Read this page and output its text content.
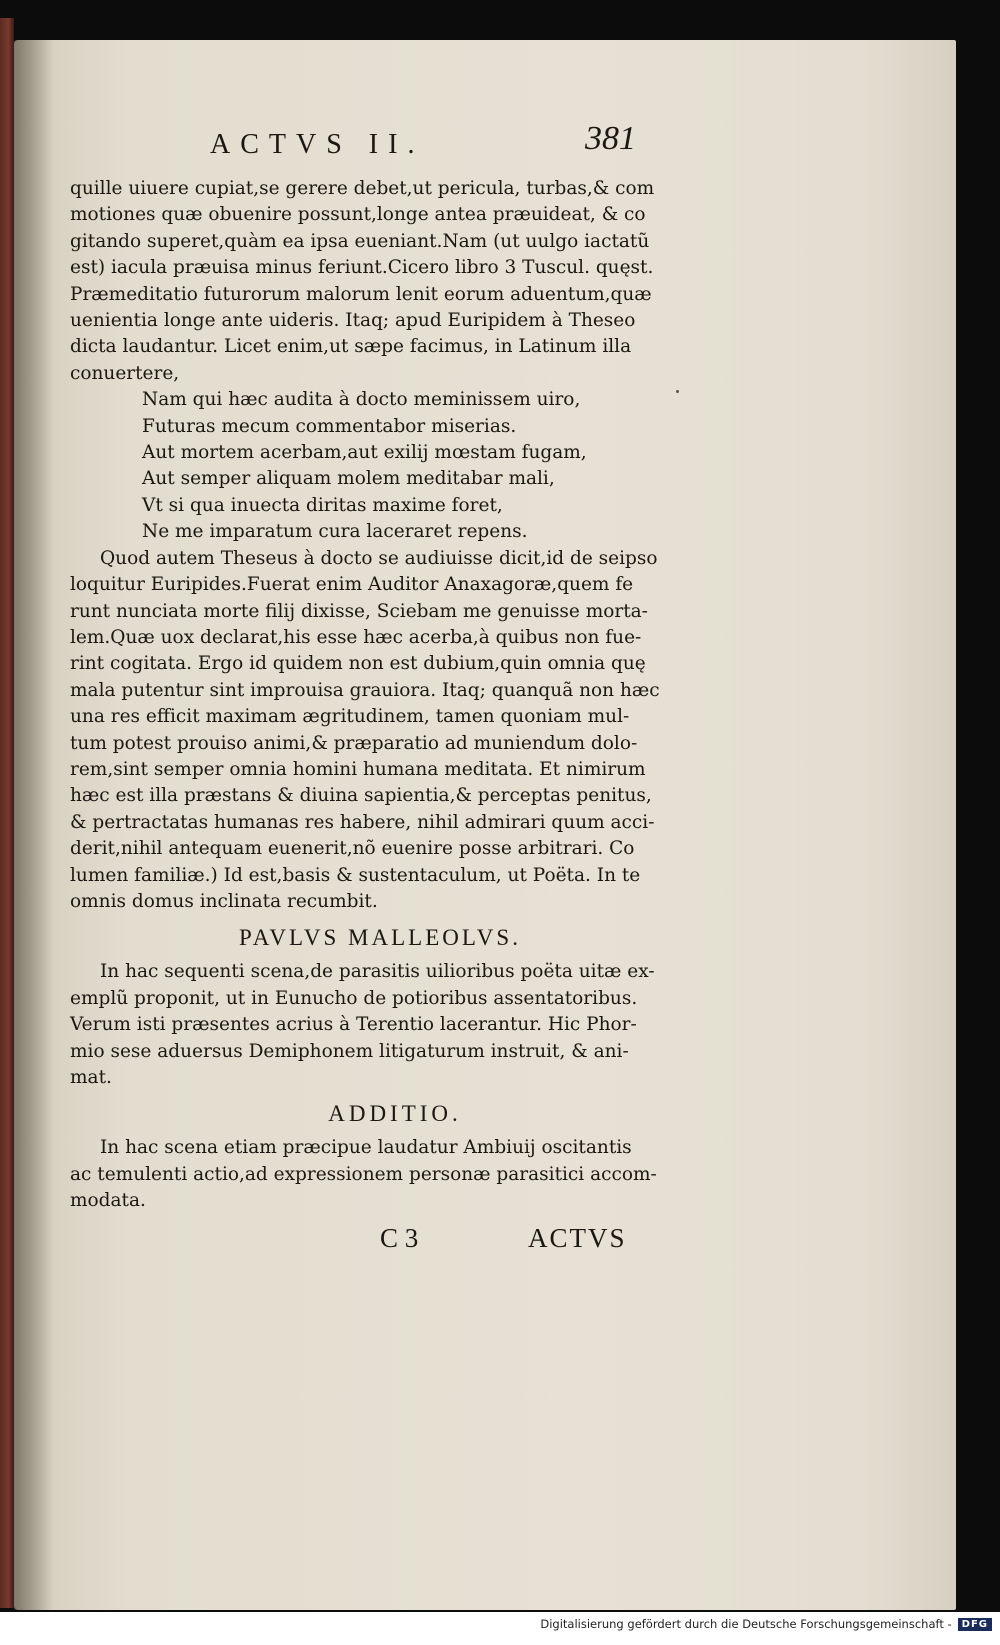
ACTVS II.	381
quille uiuere cupiat,se gerere debet,ut pericula, turbas,& com
motiones quæ obuenire possunt,longe antea præuideat, & co
gitando superet,quàm ea ipsa eueniant.Nam (ut uulgo iactatũ
est) iacula præuisa minus feriunt.Cicero libro 3 Tuscul. quęst.
Præmeditatio futurorum malorum lenit eorum aduentum,quæ
uenientia longe ante uideris. Itaq; apud Euripidem à Theseo
dicta laudantur. Licet enim,ut sæpe facimus, in Latinum illa
conuertere,
Nam qui hæc audita à docto meminissem uiro,
Futuras mecum commentabor miserias.
Aut mortem acerbam,aut exilij mœstam fugam,
Aut semper aliquam molem meditabar mali,
Vt si qua inuecta diritas maxime foret,
Ne me imparatum cura laceraret repens.
Quod autem Theseus à docto se audiuisse dicit,id de seipso
loquitur Euripides.Fuerat enim Auditor Anaxagoræ,quem fe
runt nunciata morte filij dixisse, Sciebam me genuisse morta-
lem.Quæ uox declarat,his esse hæc acerba,à quibus non fue-
rint cogitata. Ergo id quidem non est dubium,quin omnia quę
mala putentur sint improuisa grauiora. Itaq; quanquã non hæc
una res efficit maximam ægritudinem, tamen quoniam mul-
tum potest prouiso animi,& præparatio ad muniendum dolo-
rem,sint semper omnia homini humana meditata. Et nimirum
hæc est illa præstans & diuina sapientia,& perceptas penitus,
& pertractatas humanas res habere, nihil admirari quum acci-
derit,nihil antequam euenerit,nõ euenire posse arbitrari. Co
lumen familiæ.) Id est,basis & sustentaculum, ut Poëta. In te
omnis domus inclinata recumbit.
PAVLVS MALLEOLVS.
In hac sequenti scena,de parasitis uilioribus poëta uitæ ex-
emplũ proponit, ut in Eunucho de potioribus assentatoribus.
Verum isti præsentes acrius à Terentio lacerantur. Hic Phor-
mio sese aduersus Demiphonem litigaturum instruit, & ani-
mat.
ADDITIO.
In hac scena etiam præcipue laudatur Ambiuij oscitantis
ac temulenti actio,ad expressionem personæ parasitici accom-
modata.
C 3	ACTVS
Digitalisierung gefördert durch die Deutsche Forschungsgemeinschaft -	DFG
